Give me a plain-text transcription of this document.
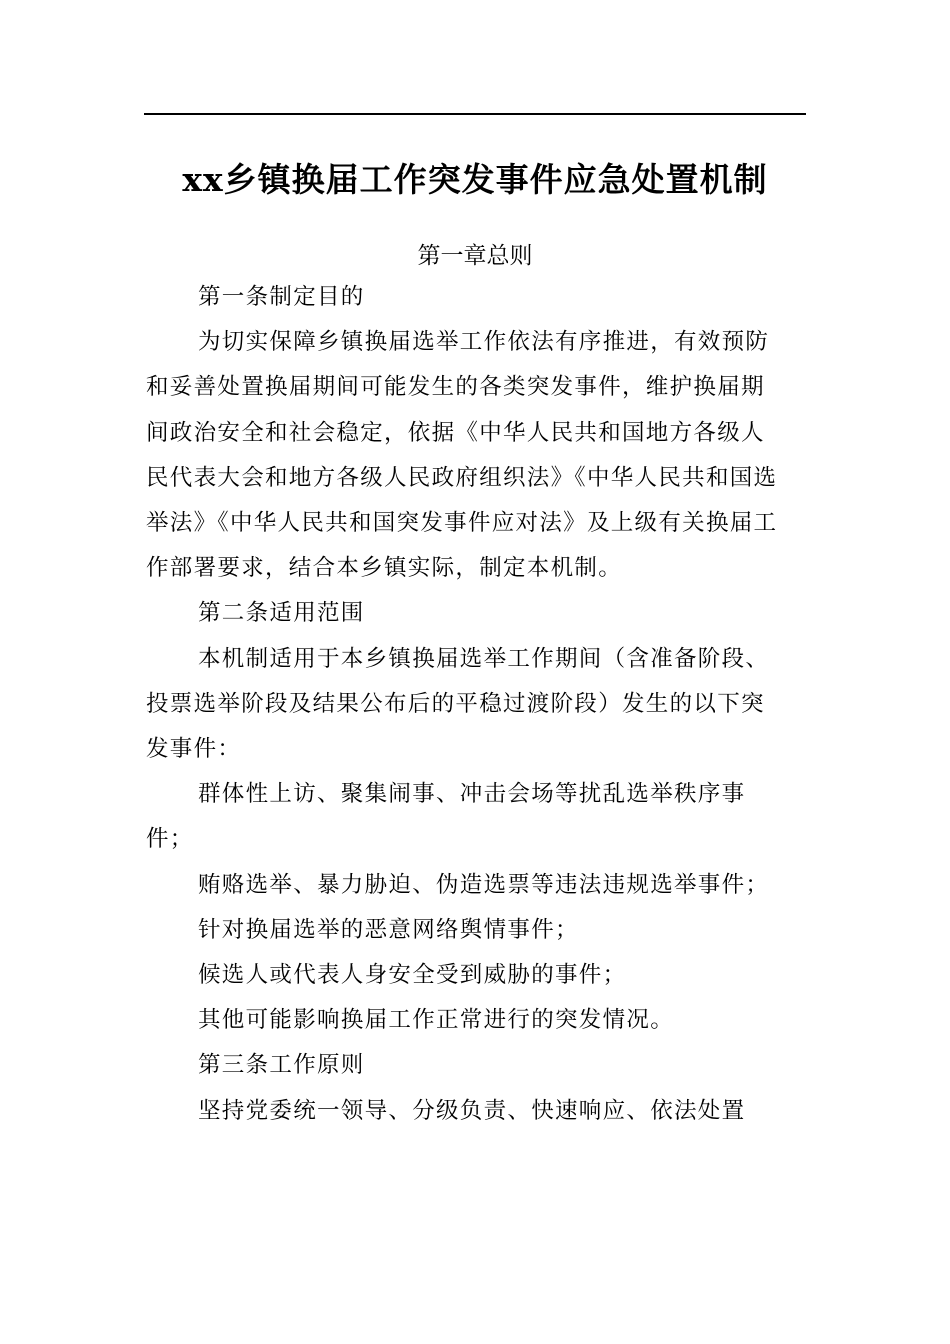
xx乡镇换届工作突发事件应急处置机制
第一章总则

第一条制定目的

为切实保障乡镇换届选举工作依法有序推进，有效预防和妥善处置换届期间可能发生的各类突发事件，维护换届期间政治安全和社会稳定，依据《中华人民共和国地方各级人民代表大会和地方各级人民政府组织法》《中华人民共和国选举法》《中华人民共和国突发事件应对法》及上级有关换届工作部署要求，结合本乡镇实际，制定本机制。

第二条适用范围

本机制适用于本乡镇换届选举工作期间（含准备阶段、投票选举阶段及结果公布后的平稳过渡阶段）发生的以下突发事件：

群体性上访、聚集闹事、冲击会场等扰乱选举秩序事件；

贿赂选举、暴力胁迫、伪造选票等违法违规选举事件；

针对换届选举的恶意网络舆情事件；

候选人或代表人身安全受到威胁的事件；

其他可能影响换届工作正常进行的突发情况。

第三条工作原则

坚持党委统一领导、分级负责、快速响应、依法处置
